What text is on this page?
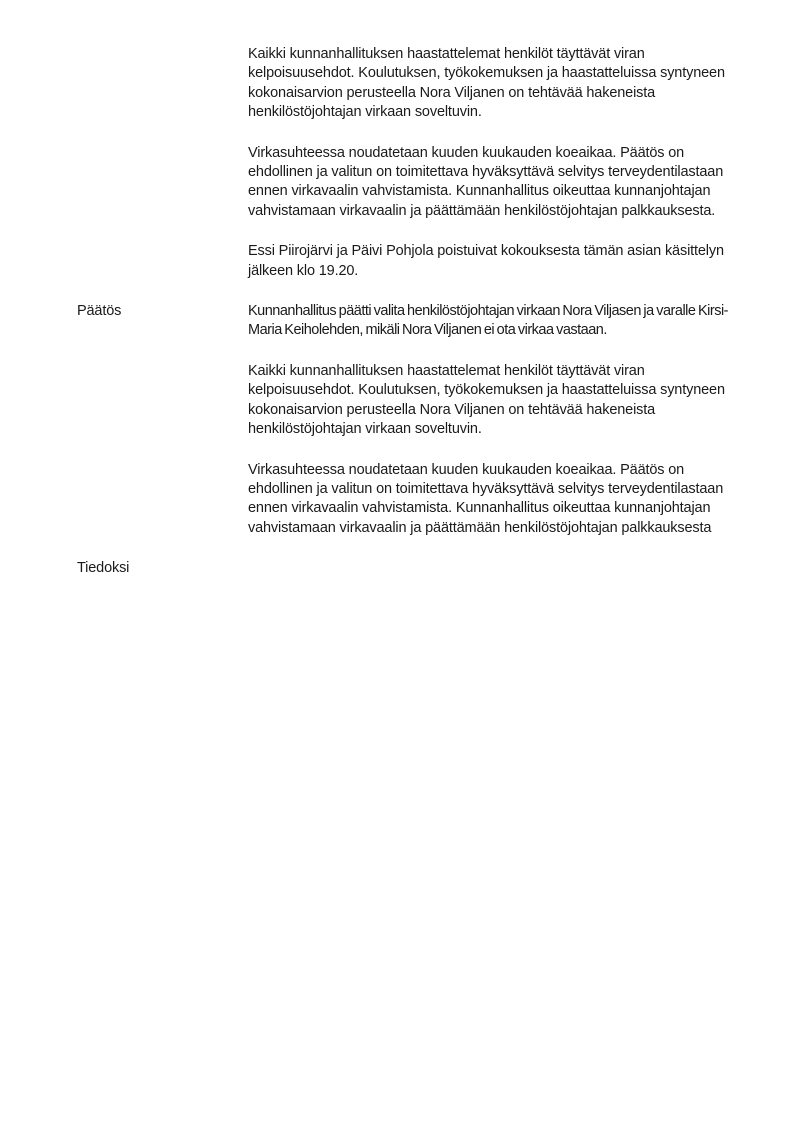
Kaikki kunnanhallituksen haastattelemat henkilöt täyttävät viran kelpoisuusehdot. Koulutuksen, työkokemuksen ja haastatteluissa syntyneen kokonaisarvion perusteella Nora Viljanen on tehtävää hakeneista henkilöstöjohtajan virkaan soveltuvin.

Virkasuhteessa noudatetaan kuuden kuukauden koeaikaa. Päätös on ehdollinen ja valitun on toimitettava hyväksyttävä selvitys terveydentilastaan ennen virkavaalin vahvistamista. Kunnanhallitus oikeuttaa kunnanjohtajan vahvistamaan virkavaalin ja päättämään henkilöstöjohtajan palkkauksesta.

Essi Piirojärvi ja Päivi Pohjola poistuivat kokouksesta tämän asian käsittelyn jälkeen klo 19.20.

Päätös	Kunnanhallitus päätti valita henkilöstöjohtajan virkaan Nora Viljasen ja varalle Kirsi-Maria Keiholehden, mikäli Nora Viljanen ei ota virkaa vastaan.

Kaikki kunnanhallituksen haastattelemat henkilöt täyttävät viran kelpoisuusehdot. Koulutuksen, työkokemuksen ja haastatteluissa syntyneen kokonaisarvion perusteella Nora Viljanen on tehtävää hakeneista henkilöstöjohtajan virkaan soveltuvin.

Virkasuhteessa noudatetaan kuuden kuukauden koeaikaa. Päätös on ehdollinen ja valitun on toimitettava hyväksyttävä selvitys terveydentilastaan ennen virkavaalin vahvistamista. Kunnanhallitus oikeuttaa kunnanjohtajan vahvistamaan virkavaalin ja päättämään henkilöstöjohtajan palkkauksesta

Tiedoksi
